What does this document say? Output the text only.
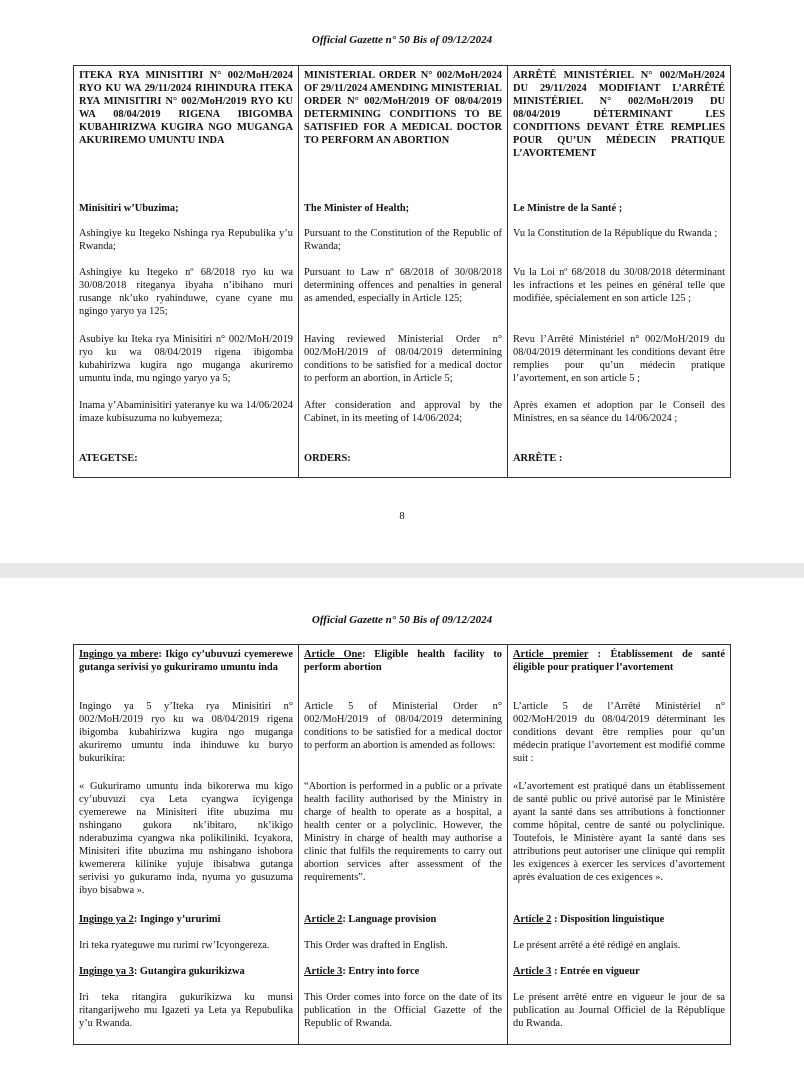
Official Gazette n° 50 Bis of 09/12/2024
ITEKA RYA MINISITIRI N° 002/MoH/2024 RYO KU WA 29/11/2024 RIHINDURA ITEKA RYA MINISITIRI N° 002/MoH/2019 RYO KU WA 08/04/2019 RIGENA IBIGOMBA KUBAHIRIZWA KUGIRA NGO MUGANGA AKURIREMO UMUNTU INDA
Minisitiri w’Ubuzima;
Ashingiye ku Itegeko Nshinga rya Repubulika y’u Rwanda;
Ashingiye ku Itegeko nº 68/2018 ryo ku wa 30/08/2018 riteganya ibyaha n’ibihano muri rusange nk’uko ryahinduwe, cyane cyane mu ngingo yaryo ya 125;
Asubiye ku Iteka rya Minisitiri n° 002/MoH/2019 ryo ku wa 08/04/2019 rigena ibigomba kubahirizwa kugira ngo muganga akuriremo umuntu inda, mu ngingo yaryo ya 5;
Inama y’Abaminisitiri yateranye ku wa 14/06/2024 imaze kubisuzuma no kubyemeza;
ATEGETSE:
MINISTERIAL ORDER N° 002/MoH/2024 OF 29/11/2024 AMENDING MINISTERIAL ORDER N° 002/MoH/2019 OF 08/04/2019 DETERMINING CONDITIONS TO BE SATISFIED FOR A MEDICAL DOCTOR TO PERFORM AN ABORTION
The Minister of Health;
Pursuant to the Constitution of the Republic of Rwanda;
Pursuant to Law nº 68/2018 of 30/08/2018 determining offences and penalties in general as amended, especially in Article 125;
Having reviewed Ministerial Order n° 002/MoH/2019 of 08/04/2019 determining conditions to be satisfied for a medical doctor to perform an abortion, in Article 5;
After consideration and approval by the Cabinet, in its meeting of 14/06/2024;
ORDERS:
ARRÊTÉ MINISTÉRIEL N° 002/MoH/2024 DU 29/11/2024 MODIFIANT L’ARRÊTÉ MINISTÉRIEL N° 002/MoH/2019 DU 08/04/2019 DÉTERMINANT LES CONDITIONS DEVANT ÊTRE REMPLIES POUR QU’UN MÉDECIN PRATIQUE L’AVORTEMENT
Le Ministre de la Santé ;
Vu la Constitution de la République du Rwanda ;
Vu la Loi nº 68/2018 du 30/08/2018 déterminant les infractions et les peines en général telle que modifiée, spécialement en son article 125 ;
Revu l’Arrêté Ministériel n° 002/MoH/2019 du 08/04/2019 déterminant les conditions devant être remplies pour qu’un médecin pratique l’avortement, en son article 5 ;
Après examen et adoption par le Conseil des Ministres, en sa séance du 14/06/2024 ;
ARRÊTE :
8
Official Gazette n° 50 Bis of 09/12/2024
Ingingo ya mbere: Ikigo cy’ubuvuzi cyemerewe gutanga serivisi yo gukuriramo umuntu inda
Ingingo ya 5 y’Iteka rya Minisitiri n° 002/MoH/2019 ryo ku wa 08/04/2019 rigena ibigomba kubahirizwa kugira ngo muganga akuriremo umuntu inda ihinduwe ku buryo bukurikira:
« Gukuriramo umuntu inda bikorerwa mu kigo cy’ubuvuzi cya Leta cyangwa icyigenga cyemerewe na Minisiteri ifite ubuzima mu nshingano gukora nk’ibitaro, nk’ikigo nderabuzima cyangwa nka polikiliniki. Icyakora, Minisiteri ifite ubuzima mu nshingano ishobora kwemerera kilinike yujuje ibisabwa gutanga serivisi yo gukuramo inda, nyuma yo gusuzuma ibyo bisabwa ».
Ingingo ya 2: Ingingo y’ururimi
Iri teka ryateguwe mu rurimi rw’Icyongereza.
Ingingo ya 3: Gutangira gukurikizwa
Iri teka ritangira gukurikizwa ku munsi ritangarijweho mu Igazeti ya Leta ya Repubulika y’u Rwanda.
Article One: Eligible health facility to perform abortion
Article 5 of Ministerial Order n° 002/MoH/2019 of 08/04/2019 determining conditions to be satisfied for a medical doctor to perform an abortion is amended as follows:
“Abortion is performed in a public or a private health facility authorised by the Ministry in charge of health to operate as a hospital, a health center or a polyclinic. However, the Ministry in charge of health may authorise a clinic that fulfils the requirements to carry out abortion services after assessment of the requirements”.
Article 2: Language provision
This Order was drafted in English.
Article 3: Entry into force
This Order comes into force on the date of its publication in the Official Gazette of the Republic of Rwanda.
Article premier : Établissement de santé éligible pour pratiquer l’avortement
L’article 5 de l’Arrêté Ministériel n° 002/MoH/2019 du 08/04/2019 déterminant les conditions devant être remplies pour qu’un médecin pratique l’avortement est modifié comme suit :
«L’avortement est pratiqué dans un établissement de santé public ou privé autorisé par le Ministère ayant la santé dans ses attributions à fonctionner comme hôpital, centre de santé ou polyclinique. Toutefois, le Ministère ayant la santé dans ses attributions peut autoriser une clinique qui remplit les exigences à exercer les services d’avortement après évaluation de ces exigences ».
Article 2 : Disposition linguistique
Le présent arrêté a été rédigé en anglais.
Article 3 : Entrée en vigueur
Le présent arrêté entre en vigueur le jour de sa publication au Journal Officiel de la République du Rwanda.
